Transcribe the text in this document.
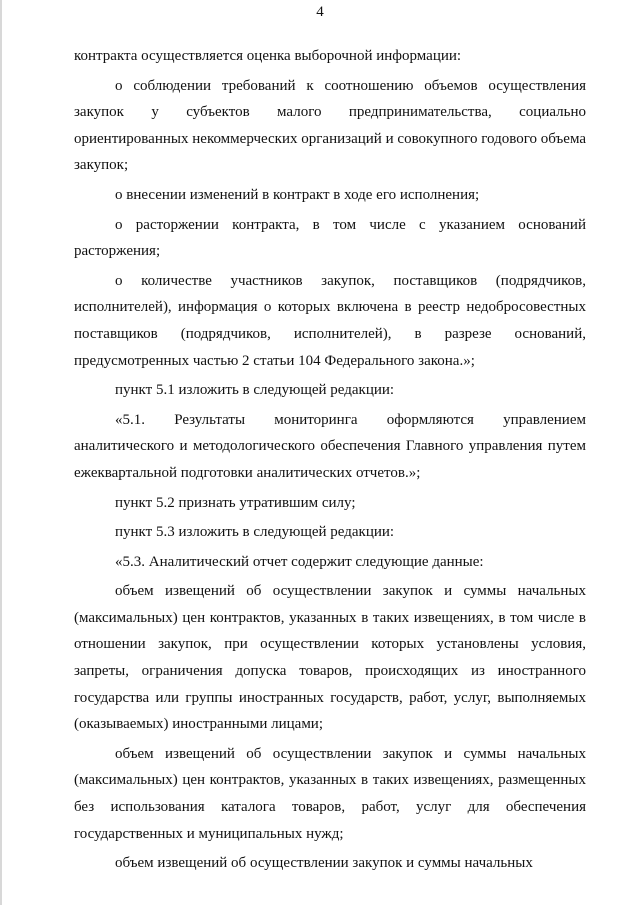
4

контракта осуществляется оценка выборочной информации:

о соблюдении требований к соотношению объемов осуществления закупок у субъектов малого предпринимательства, социально ориентированных некоммерческих организаций и совокупного годового объема закупок;

о внесении изменений в контракт в ходе его исполнения;

о расторжении контракта, в том числе с указанием оснований расторжения;

о количестве участников закупок, поставщиков (подрядчиков, исполнителей), информация о которых включена в реестр недобросовестных поставщиков (подрядчиков, исполнителей), в разрезе оснований, предусмотренных частью 2 статьи 104 Федерального закона.»;

пункт 5.1 изложить в следующей редакции:

«5.1. Результаты мониторинга оформляются управлением аналитического и методологического обеспечения Главного управления путем ежеквартальной подготовки аналитических отчетов.»;

пункт 5.2 признать утратившим силу;

пункт 5.3 изложить в следующей редакции:

«5.3. Аналитический отчет содержит следующие данные:

объем извещений об осуществлении закупок и суммы начальных (максимальных) цен контрактов, указанных в таких извещениях, в том числе в отношении закупок, при осуществлении которых установлены условия, запреты, ограничения допуска товаров, происходящих из иностранного государства или группы иностранных государств, работ, услуг, выполняемых (оказываемых) иностранными лицами;

объем извещений об осуществлении закупок и суммы начальных (максимальных) цен контрактов, указанных в таких извещениях, размещенных без использования каталога товаров, работ, услуг для обеспечения государственных и муниципальных нужд;

объем извещений об осуществлении закупок и суммы начальных
